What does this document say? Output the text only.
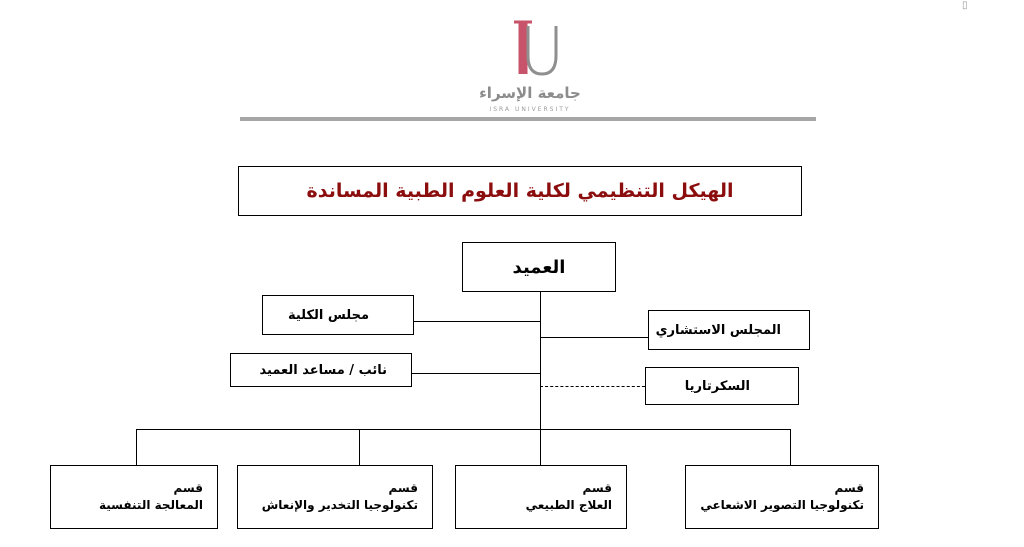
▯
جامعة الإسراء
ISRA UNIVERSITY
الهيكل التنظيمي لكلية العلوم الطبية المساندة
العميد
مجلس الكلية
المجلس الاستشاري
نائب / مساعد العميد
السكرتاريا
قسم
المعالجة التنفسية
قسم
تكنولوجيا التخدير والإنعاش
قسم
العلاج الطبيعي
قسم
تكنولوجيا التصوير الاشعاعي
